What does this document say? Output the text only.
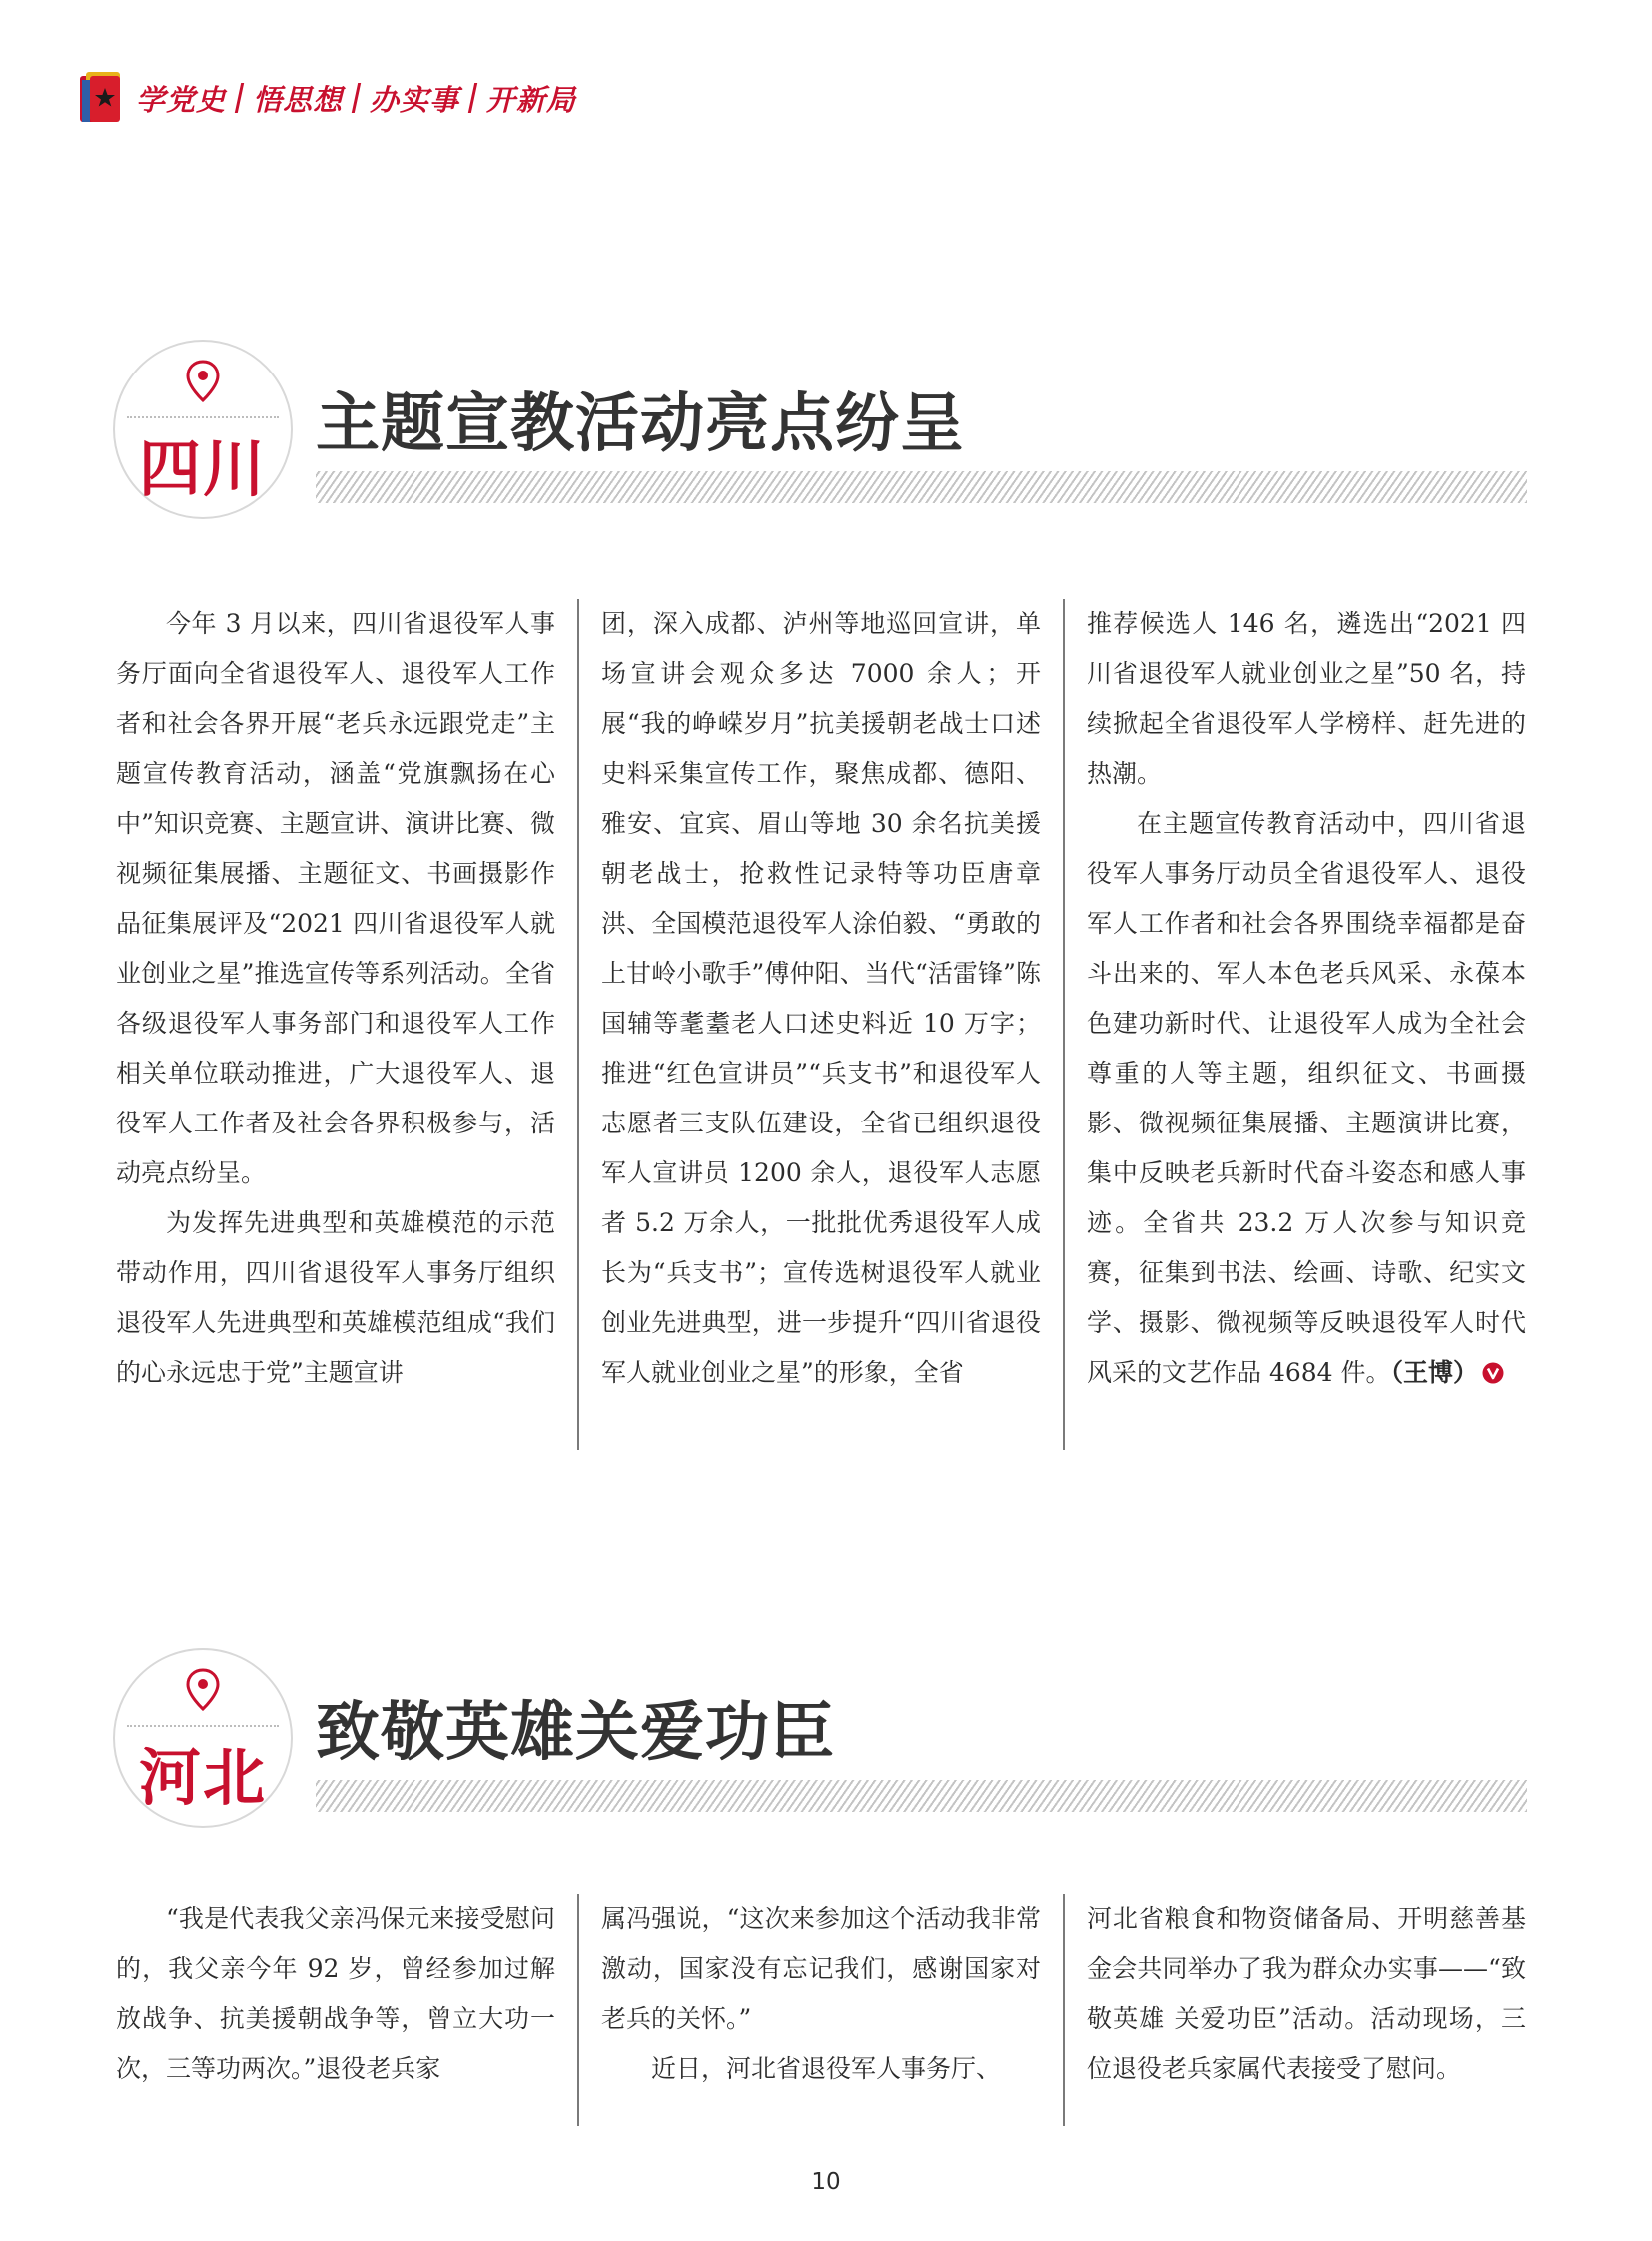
学党史 悟思想 办实事 开新局
四川
主题宣教活动亮点纷呈

今年 3 月以来，四川省退役军人事务厅面向全省退役军人、退役军人工作者和社会各界开展“老兵永远跟党走”主题宣传教育活动，涵盖“党旗飘扬在心中”知识竞赛、主题宣讲、演讲比赛、微视频征集展播、主题征文、书画摄影作品征集展评及“2021 四川省退役军人就业创业之星”推选宣传等系列活动。全省各级退役军人事务部门和退役军人工作相关单位联动推进，广大退役军人、退役军人工作者及社会各界积极参与，活动亮点纷呈。

为发挥先进典型和英雄模范的示范带动作用，四川省退役军人事务厅组织退役军人先进典型和英雄模范组成“我们的心永远忠于党”主题宣讲

团，深入成都、泸州等地巡回宣讲，单场宣讲会观众多达 7000 余人；开展“我的峥嵘岁月”抗美援朝老战士口述史料采集宣传工作，聚焦成都、德阳、雅安、宜宾、眉山等地 30 余名抗美援朝老战士，抢救性记录特等功臣唐章洪、全国模范退役军人涂伯毅、“勇敢的上甘岭小歌手”傅仲阳、当代“活雷锋”陈国辅等耄耋老人口述史料近 10 万字；推进“红色宣讲员”“兵支书”和退役军人志愿者三支队伍建设，全省已组织退役军人宣讲员 1200 余人，退役军人志愿者 5.2 万余人，一批批优秀退役军人成长为“兵支书”；宣传选树退役军人就业创业先进典型，进一步提升“四川省退役军人就业创业之星”的形象，全省

推荐候选人 146 名，遴选出“2021 四川省退役军人就业创业之星”50 名，持续掀起全省退役军人学榜样、赶先进的热潮。

在主题宣传教育活动中，四川省退役军人事务厅动员全省退役军人、退役军人工作者和社会各界围绕幸福都是奋斗出来的、军人本色老兵风采、永葆本色建功新时代、让退役军人成为全社会尊重的人等主题，组织征文、书画摄影、微视频征集展播、主题演讲比赛，集中反映老兵新时代奋斗姿态和感人事迹。全省共 23.2 万人次参与知识竞赛，征集到书法、绘画、诗歌、纪实文学、摄影、微视频等反映退役军人时代风采的文艺作品 4684 件。（王博）

河北
致敬英雄关爱功臣

“我是代表我父亲冯保元来接受慰问的，我父亲今年 92 岁，曾经参加过解放战争、抗美援朝战争等，曾立大功一次，三等功两次。”退役老兵家

属冯强说，“这次来参加这个活动我非常激动，国家没有忘记我们，感谢国家对老兵的关怀。”

近日，河北省退役军人事务厅、

河北省粮食和物资储备局、开明慈善基金会共同举办了我为群众办实事——“致敬英雄 关爱功臣”活动。活动现场，三位退役老兵家属代表接受了慰问。

10
